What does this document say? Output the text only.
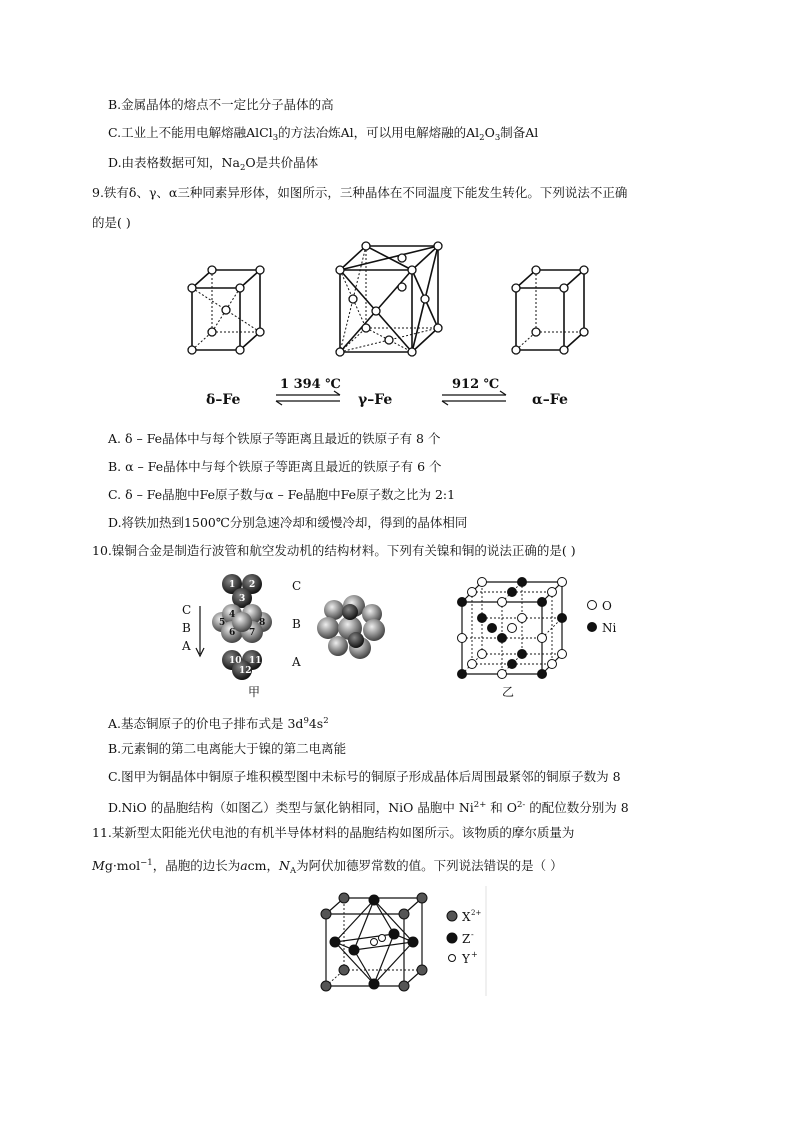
B.金属晶体的熔点不一定比分子晶体的高
C.工业上不能用电解熔融AlCl$_3$的方法冶炼Al，可以用电解熔融的$Al_2O_3$制备Al
D.由表格数据可知，$Na_2O$是共价晶体
9.铁有δ、γ、α三种同素异形体，如图所示，三种晶体在不同温度下能发生转化。下列说法不正确
的是( )
δ–Fe	γ–Fe	α–Fe
1 394 ℃	912 ℃
A. δ – Fe晶体中与每个铁原子等距离且最近的铁原子有 8 个
B. α – Fe晶体中与每个铁原子等距离且最近的铁原子有 6 个
C. δ – Fe晶胞中Fe原子数与α – Fe晶胞中Fe原子数之比为 2:1
D.将铁加热到1500℃分别急速冷却和缓慢冷却，得到的晶体相同
10.镍铜合金是制造行波管和航空发动机的结构材料。下列有关镍和铜的说法正确的是( )
C
B
A
1 2
3
4
5
6 7
8
10 11
12
C
B
A
甲
O
Ni
乙
A.基态铜原子的价电子排布式是 $3d^94s^2$
B.元素铜的第二电离能大于镍的第二电离能
C.图甲为铜晶体中铜原子堆积模型图中未标号的铜原子形成晶体后周围最紧邻的铜原子数为 8
D.NiO 的晶胞结构（如图乙）类型与氯化钠相同，NiO 晶胞中 $Ni^{2+}$ 和 $O^{2-}$ 的配位数分别为 8
11.某新型太阳能光伏电池的有机半导体材料的晶胞结构如图所示。该物质的摩尔质量为
Mg·mol$^{-1}$，晶胞的边长为acm，$N_A$为阿伏加德罗常数的值。下列说法错误的是（ ）
X 2+
Z -
Y +
